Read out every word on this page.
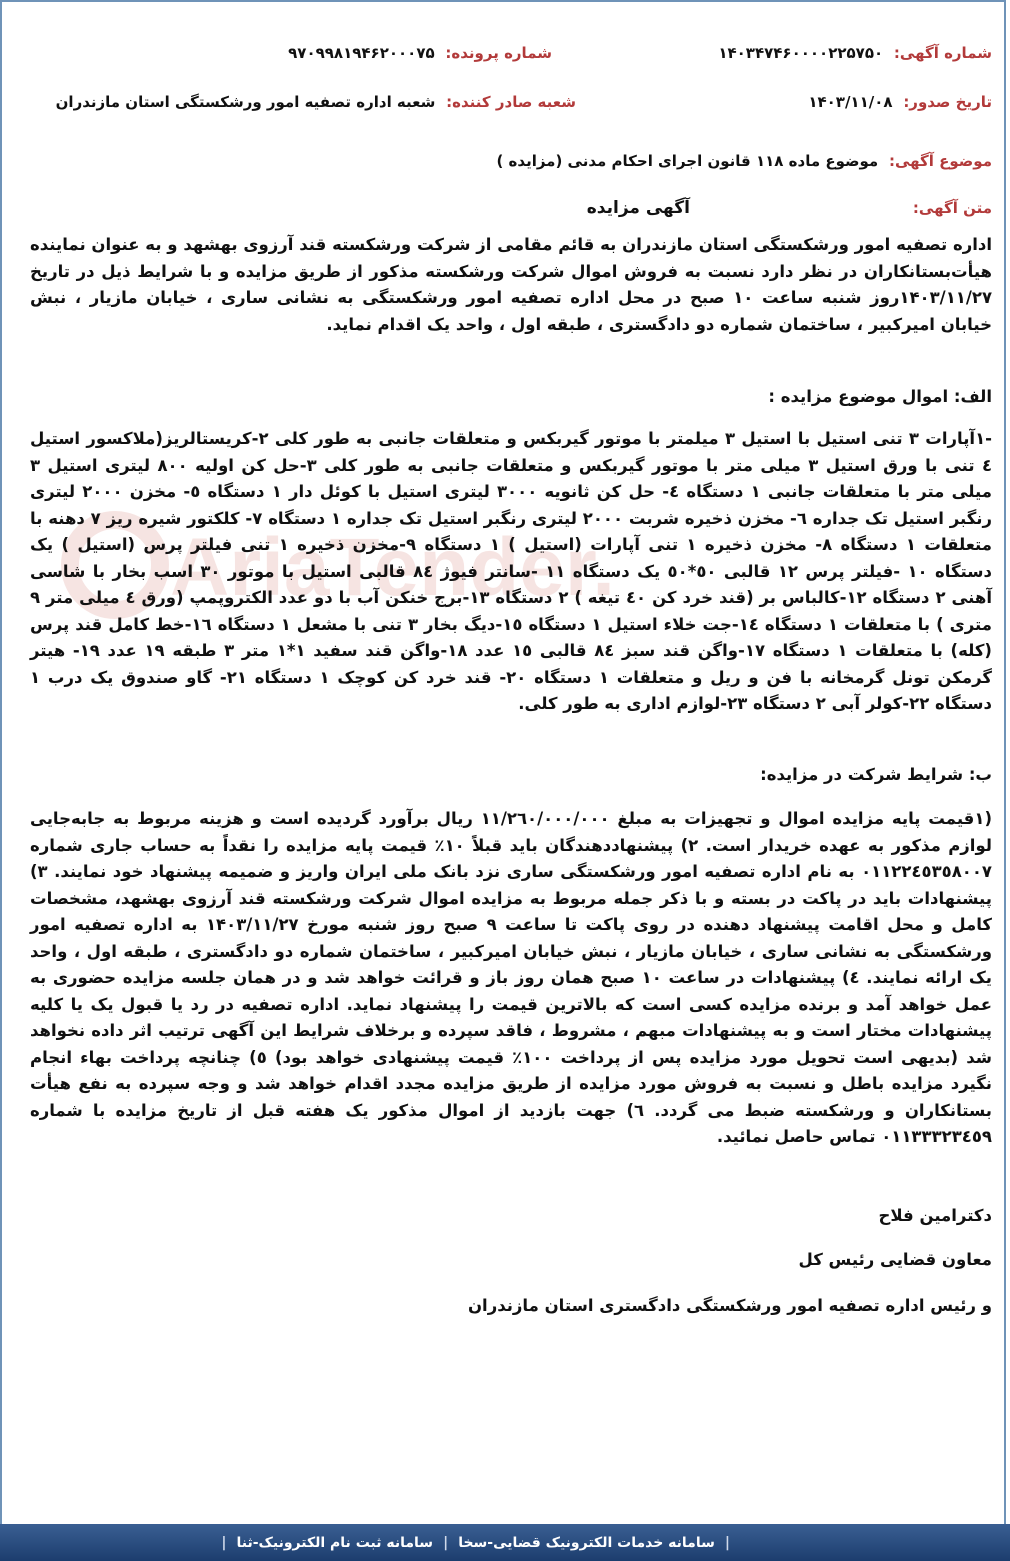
شماره آگهی: ۱۴۰۳۴۷۴۶۰۰۰۰۲۲۵۷۵۰
شماره پرونده: ۹۷۰۹۹۸۱۹۴۶۲۰۰۰۷۵
تاریخ صدور: ۱۴۰۳/۱۱/۰۸
شعبه صادر کننده: شعبه اداره تصفیه امور ورشکستگی استان مازندران
موضوع آگهی: موضوع ماده ۱۱۸ قانون اجرای احکام مدنی (مزایده )
متن آگهی:
آگهی مزایده

اداره تصفیه امور ورشکستگی استان مازندران به قائم مقامی از شرکت ورشکسته قند آرزوی بهشهد و به عنوان نماینده هیأت‌بستانکاران در نظر دارد نسبت به فروش اموال شرکت ورشکسته مذکور از طریق مزایده و با شرایط ذیل در تاریخ ۱۴۰۳/۱۱/۲۷روز شنبه ساعت ۱۰ صبح در محل اداره تصفیه امور ورشکستگی به نشانی ساری ، خیابان مازیار ، نبش خیابان امیرکبیر ، ساختمان شماره دو دادگستری ، طبقه اول ، واحد یک اقدام نماید.

الف: اموال موضوع مزایده :

-۱آپارات ۳ تنی استیل با استیل ۳ میلمتر با موتور گیربکس و متعلقات جانبی به طور کلی ۲-کریستالریز(ملاکسور استیل ٤ تنی با ورق استیل ۳ میلی متر با موتور گیربکس و متعلقات جانبی به طور کلی ۳-حل کن اولیه ۸۰۰ لیتری استیل ۳ میلی متر با متعلقات جانبی ۱ دستگاه ٤- حل کن ثانویه ۳۰۰۰ لیتری استیل با کوئل دار ۱ دستگاه ٥- مخزن ۲۰۰۰ لیتری رنگبر استیل تک جداره ٦- مخزن ذخیره شربت ۲۰۰۰ لیتری رنگبر استیل تک جداره ۱ دستگاه ۷- کلکتور شیره ریز ۷ دهنه با متعلقات ۱ دستگاه ۸- مخزن ذخیره ۱ تنی آپارات (استیل ) ۱ دستگاه ۹-مخزن ذخیره ۱ تنی فیلتر پرس (استیل ) یک دستگاه ۱۰ -فیلتر پرس ۱۲ قالبی ٥٠*٥٠ یک دستگاه ۱۱ -سانتر فیوژ ۸٤ قالبی استیل با موتور ۳۰ اسب بخار با شاسی آهنی ۲ دستگاه ۱۲-کالباس بر (قند خرد کن ٤٠ تیغه ) ۲ دستگاه ۱۳-برج خنکن آب با دو عدد الکتروپمپ (ورق ٤ میلی متر ۹ متری ) با متعلقات ۱ دستگاه ۱٤-جت خلاء استیل ۱ دستگاه ۱٥-دیگ بخار ۳ تنی با مشعل ۱ دستگاه ۱٦-خط کامل قند پرس (کله) با متعلقات ۱ دستگاه ۱۷-واگن قند سبز ۸٤ قالبی ۱٥ عدد ۱۸-واگن قند سفید ۱*۱ متر ۳ طبقه ۱۹ عدد ۱۹- هیتر گرمکن تونل گرمخانه با فن و ریل و متعلقات ۱ دستگاه ۲۰- قند خرد کن کوچک ۱ دستگاه ۲۱- گاو صندوق یک درب ۱ دستگاه ۲۲-کولر آبی ۲ دستگاه ۲۳-لوازم اداری به طور کلی.

ب: شرایط شرکت در مزایده:

(۱قیمت پایه مزایده اموال و تجهیزات به مبلغ ۱۱/۲٦۰/۰۰۰/۰۰۰ ریال برآورد گردیده است و هزینه مربوط به جابه‌جایی لوازم مذکور به عهده خریدار است. ۲) پیشنهاددهندگان باید قبلاً ۱۰٪ قیمت پایه مزایده را نقداً به حساب جاری شماره ۰۱۱۲۲٤٥۳٥۸۰۰۷ به نام اداره تصفیه امور ورشکستگی ساری نزد بانک ملی ایران واریز و ضمیمه پیشنهاد خود نمایند. ۳) پیشنهادات باید در پاکت در بسته و با ذکر جمله مربوط به مزایده اموال شرکت ورشکسته قند آرزوی بهشهد، مشخصات کامل و محل اقامت پیشنهاد دهنده در روی پاکت تا ساعت ۹ صبح روز شنبه مورخ ۱۴۰۳/۱۱/۲۷ به اداره تصفیه امور ورشکستگی به نشانی ساری ، خیابان مازیار ، نبش خیابان امیرکبیر ، ساختمان شماره دو دادگستری ، طبقه اول ، واحد یک ارائه نمایند. ٤) پیشنهادات در ساعت ۱۰ صبح همان روز باز و قرائت خواهد شد و در همان جلسه مزایده حضوری به عمل خواهد آمد و برنده مزایده کسی است که بالاترین قیمت را پیشنهاد نماید. اداره تصفیه در رد یا قبول یک یا کلیه پیشنهادات مختار است و به پیشنهادات مبهم ، مشروط ، فاقد سپرده و برخلاف شرایط این آگهی ترتیب اثر داده نخواهد شد (بدیهی است تحویل مورد مزایده پس از پرداخت ۱۰۰٪ قیمت پیشنهادی خواهد بود) ٥) چنانچه پرداخت بهاء انجام نگیرد مزایده باطل و نسبت به فروش مورد مزایده از طریق مزایده مجدد اقدام خواهد شد و وجه سپرده به نفع هیأت بستانکاران و ورشکسته ضبط می گردد. ٦) جهت بازدید از اموال مذکور یک هفته قبل از تاریخ مزایده با شماره ۰۱۱۳۳۳۲۳٤٥۹ تماس حاصل نمائید.

دکترامین فلاح
معاون قضایی رئیس کل
و رئیس اداره تصفیه امور ورشکستگی دادگستری استان مازندران
|
سامانه خدمات الکترونیک قضایی-سخا
|
سامانه ثبت نام الکترونیک-ثنا
|
